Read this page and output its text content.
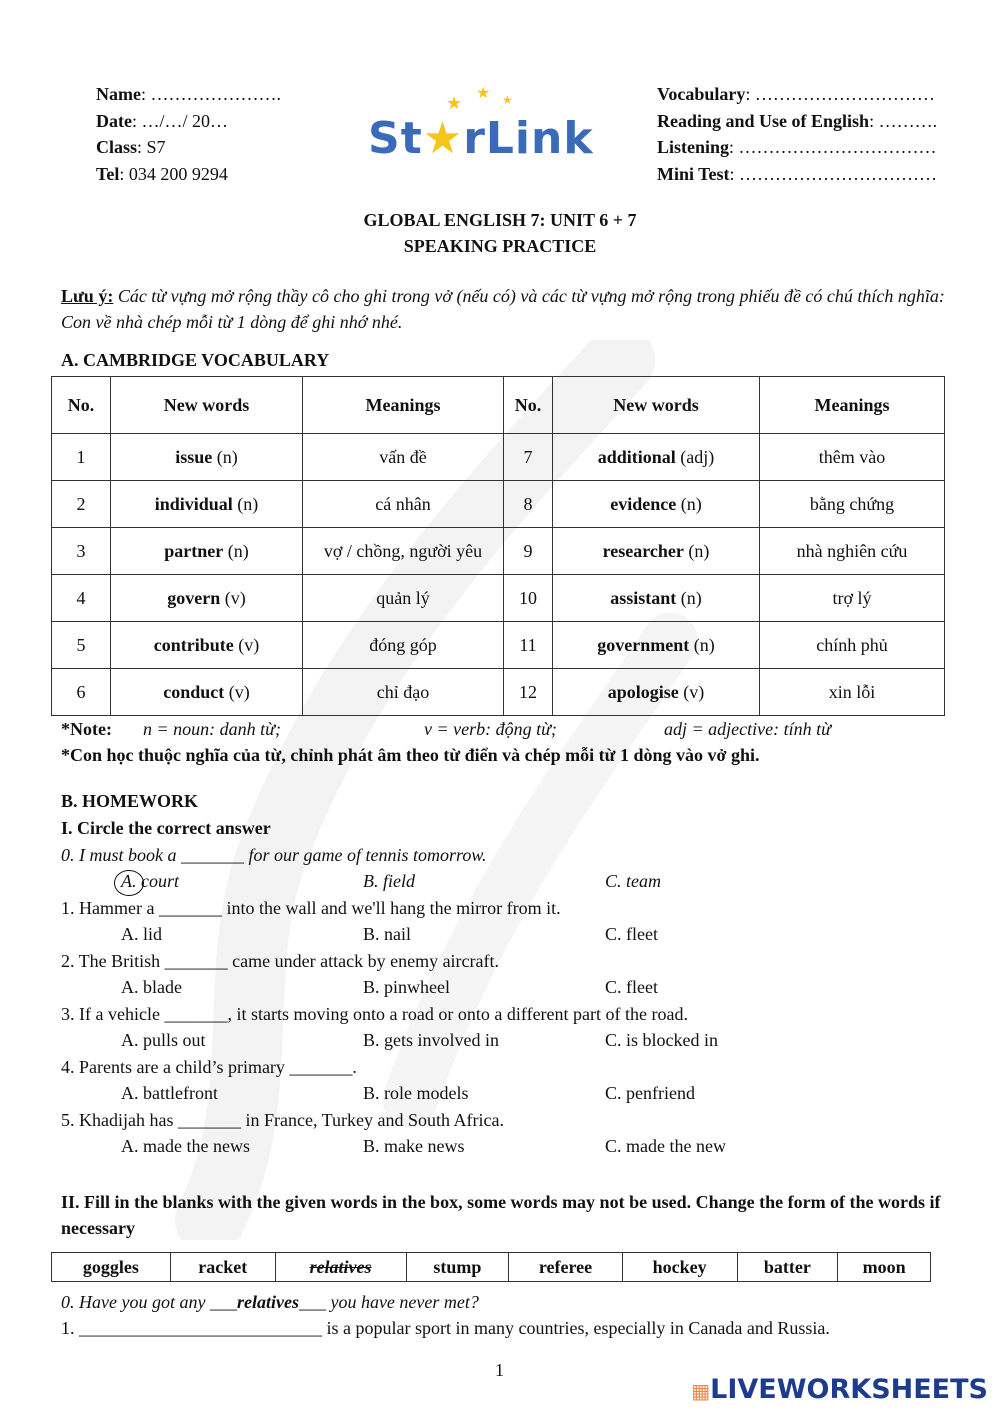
Name: ………………….
Date: …/…/ 20…
Class: S7
Tel: 034 200 9294
★ ★ ★
St★rLink
Vocabulary: …………………………
Reading and Use of English: ……….
Listening: ……………………………
Mini Test: ……………………………
GLOBAL ENGLISH 7: UNIT 6 + 7
SPEAKING PRACTICE
Lưu ý: Các từ vựng mở rộng thầy cô cho ghi trong vở (nếu có) và các từ vựng mở rộng trong phiếu đề có chú thích nghĩa: Con về nhà chép mỗi từ 1 dòng để ghi nhớ nhé.
A. CAMBRIDGE VOCABULARY
No.	New words	Meanings	No.	New words	Meanings
1	issue (n)	vấn đề	7	additional (adj)	thêm vào
2	individual (n)	cá nhân	8	evidence (n)	bằng chứng
3	partner (n)	vợ / chồng, người yêu	9	researcher (n)	nhà nghiên cứu
4	govern (v)	quản lý	10	assistant (n)	trợ lý
5	contribute (v)	đóng góp	11	government (n)	chính phủ
6	conduct (v)	chỉ đạo	12	apologise (v)	xin lỗi
*Note: n = noun: danh từ;	v = verb: động từ;	adj = adjective: tính từ
*Con học thuộc nghĩa của từ, chỉnh phát âm theo từ điển và chép mỗi từ 1 dòng vào vở ghi.
B. HOMEWORK
I. Circle the correct answer
0. I must book a _______ for our game of tennis tomorrow.
A. court	B. field	C. team
1. Hammer a _______ into the wall and we'll hang the mirror from it.
A. lid	B. nail	C. fleet
2. The British _______ came under attack by enemy aircraft.
A. blade	B. pinwheel	C. fleet
3. If a vehicle _______, it starts moving onto a road or onto a different part of the road.
A. pulls out	B. gets involved in	C. is blocked in
4. Parents are a child’s primary _______.
A. battlefront	B. role models	C. penfriend
5. Khadijah has _______ in France, Turkey and South Africa.
A. made the news	B. make news	C. made the new
II. Fill in the blanks with the given words in the box, some words may not be used. Change the form of the words if necessary
goggles	racket	relatives	stump	referee	hockey	batter	moon
0. Have you got any ___relatives___ you have never met?
1. ___________________________ is a popular sport in many countries, especially in Canada and Russia.
1
▦LIVEWORKSHEETS
